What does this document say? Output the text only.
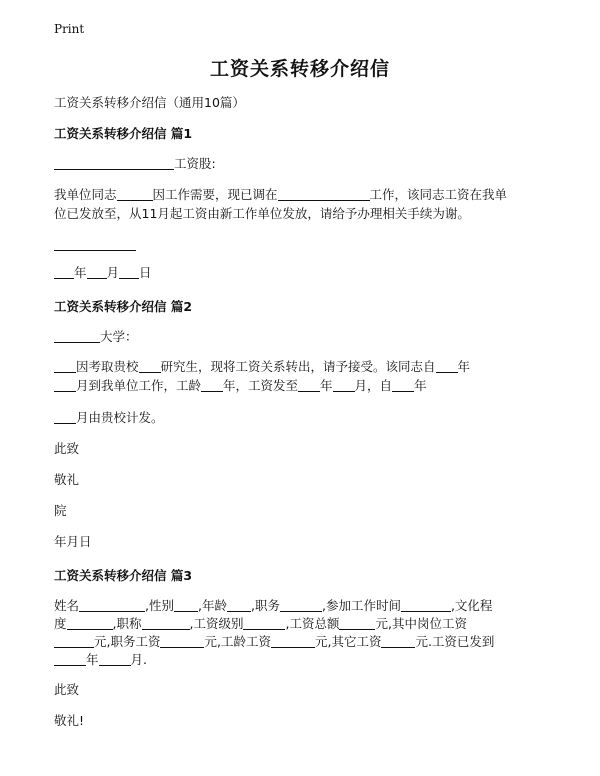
Print
工资关系转移介绍信
工资关系转移介绍信（通用10篇）
工资关系转移介绍信 篇1
工资股:
我单位同志	因工作需要，现已调在	工作，该同志工资在我单
位已发放至，从11月起工资由新工作单位发放，请给予办理相关手续为谢。
年 月 日
工资关系转移介绍信 篇2
大学：
因考取贵校 研究生，现将工资关系转出，请予接受。该同志自 年
月到我单位工作，工龄 年，工资发至 年 月，自 年
月由贵校计发。
此致
敬礼
院
年月日
工资关系转移介绍信 篇3
姓名	,性别 ,年龄 ,职务	,参加工作时间	,文化程
度	,职称	,工资级别	,工资总额	元,其中岗位工资
元,职务工资	元,工龄工资	元,其它工资	元.工资已发到
年	月.
此致
敬礼!
